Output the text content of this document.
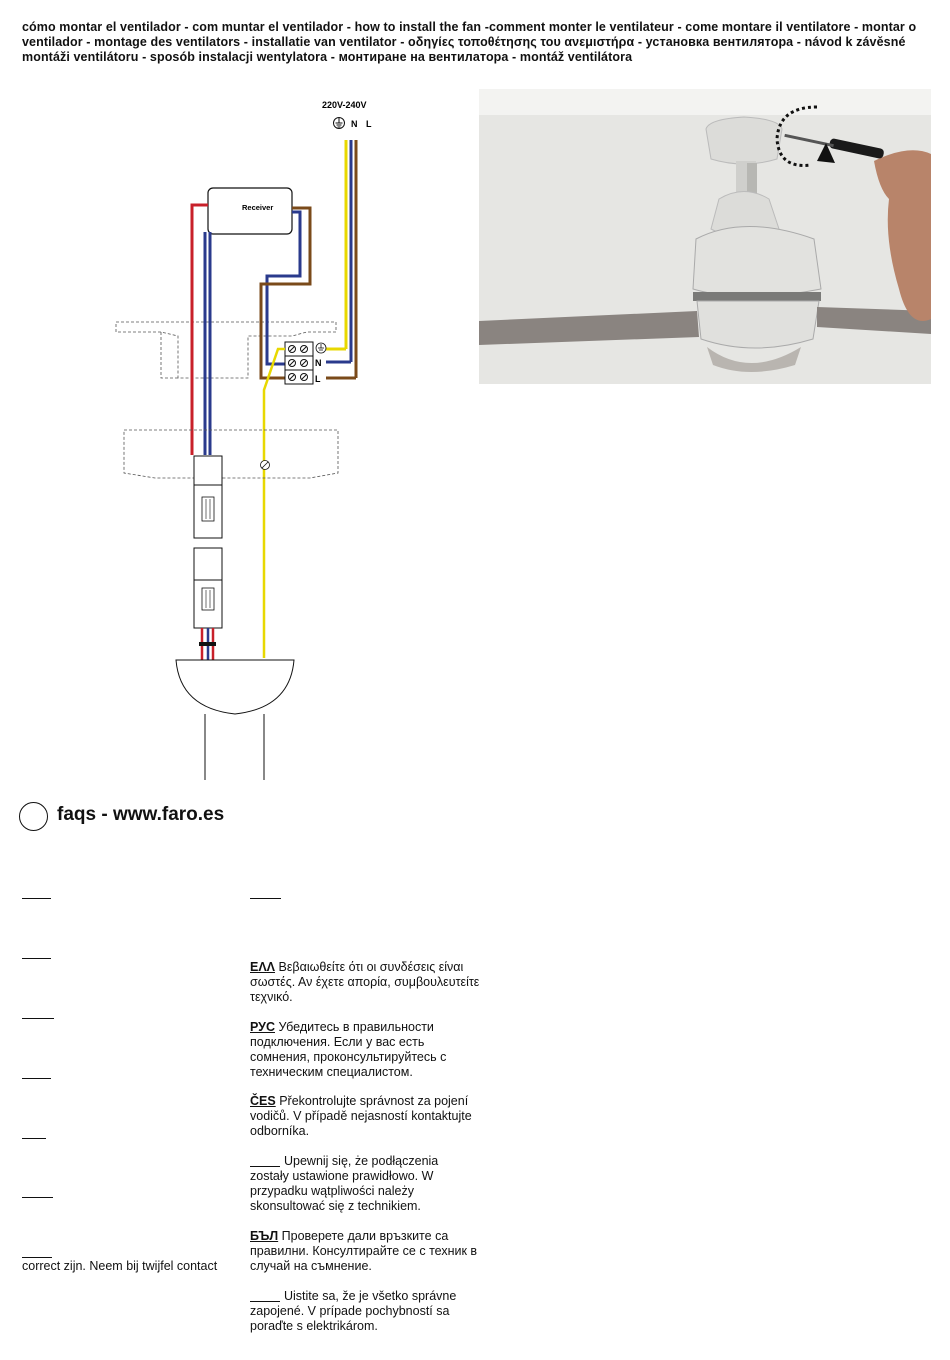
cómo montar el ventilador - com muntar el ventilador - how to install the fan -comment monter le ventilateur - come montare il ventilatore - montar o ventilador - montage des ventilators - installatie van ventilator - οδηγίες τοποθέτησης του ανεμιστήρα - установка вентилятора - návod k závěsné montáži ventilátoru - sposób instalacji wentylatora - монтиране на вентилатора - montáž ventilátora
220V-240V
N L
Receiver
N
L
faqs - www.faro.es
correct zijn. Neem bij twijfel contact
ΕΛΛ Βεβαιωθείτε ότι οι συνδέσεις είναι σωστές. Αν έχετε απορία, συμβουλευτείτε τεχνικό.
РУС Убедитесь в правильности подключения. Если у вас есть сомнения, проконсультируйтесь с техническим специалистом.
ČES Překontrolujte správnost za pojení vodičů. V případě nejasností kontaktujte odborníka.
Upewnij się, że podłączenia zostały ustawione prawidłowo. W przypadku wątpliwości należy skonsultować się z technikiem.
БЪЛ Проверете дали връзките са правилни. Консултирайте се с техник в случай на съмнение.
Uistite sa, že je všetko správne zapojené. V prípade pochybností sa poraďte s elektrikárom.
